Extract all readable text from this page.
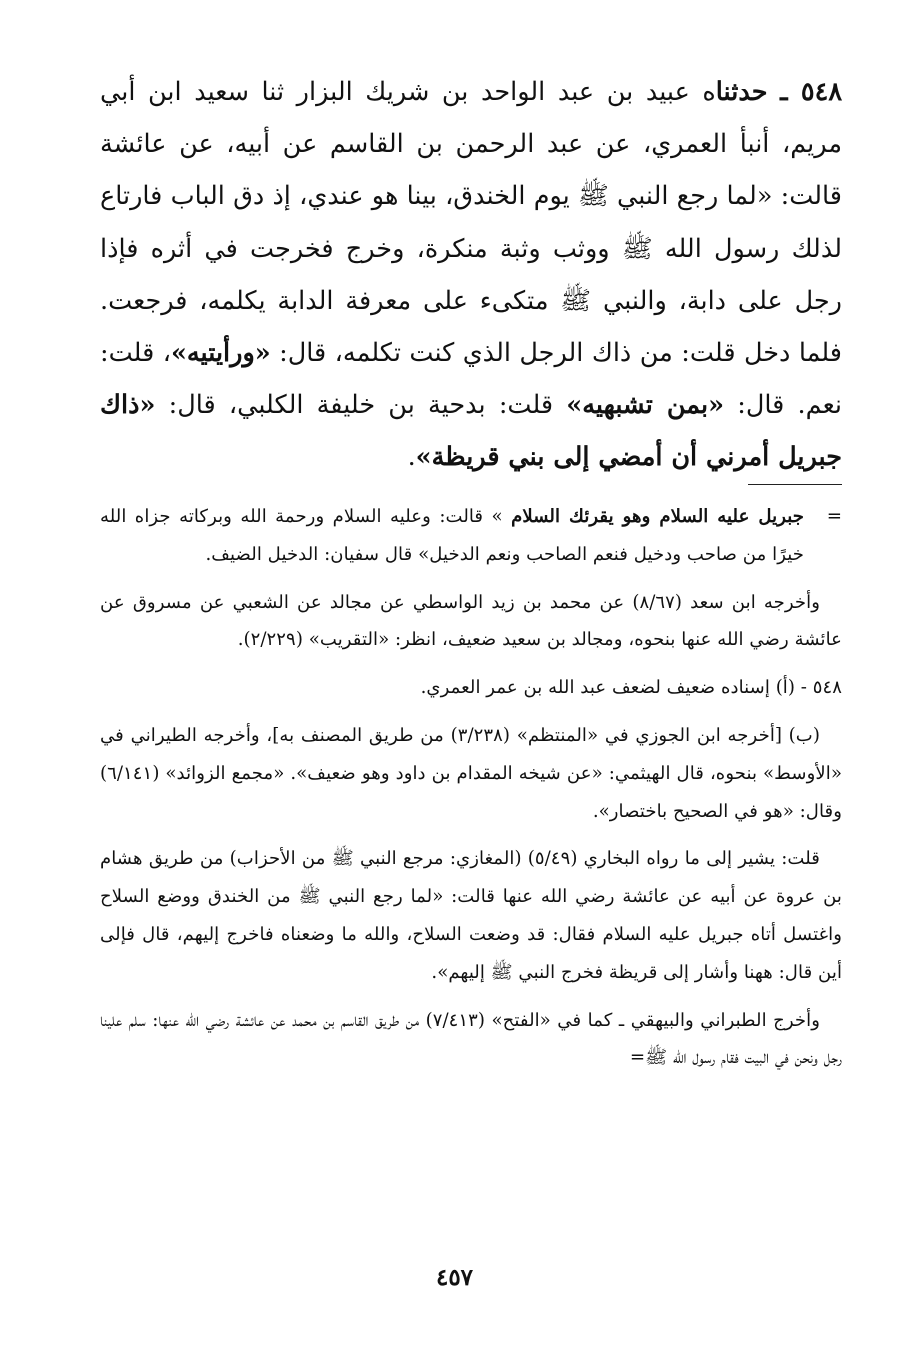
٥٤٨ ـ حدثناه عبيد بن عبد الواحد بن شريك البزار ثنا سعيد ابن أبي مريم، أنبأ العمري، عن عبد الرحمن بن القاسم عن أبيه، عن عائشة قالت: «لما رجع النبي ﷺ يوم الخندق، بينا هو عندي، إذ دق الباب فارتاع لذلك رسول الله ﷺ ووثب وثبة منكرة، وخرج فخرجت في أثره فإذا رجل على دابة، والنبي ﷺ متكىء على معرفة الدابة يكلمه، فرجعت. فلما دخل قلت: من ذاك الرجل الذي كنت تكلمه، قال: «ورأيتيه»، قلت: نعم. قال: «بمن تشبهيه» قلت: بدحية بن خليفة الكلبي، قال: «ذاك جبريل أمرني أن أمضي إلى بني قريظة».

=
جبريل عليه السلام وهو يقرئك السلام » قالت: وعليه السلام ورحمة الله وبركاته جزاه الله خيرًا من صاحب ودخيل فنعم الصاحب ونعم الدخيل» قال سفيان: الدخيل الضيف.

وأخرجه ابن سعد (٨/٦٧) عن محمد بن زيد الواسطي عن مجالد عن الشعبي عن مسروق عن عائشة رضي الله عنها بنحوه، ومجالد بن سعيد ضعيف، انظر: «التقريب» (٢/٢٢٩).

٥٤٨ - (أ) إسناده ضعيف لضعف عبد الله بن عمر العمري.

(ب) [أخرجه ابن الجوزي في «المنتظم» (٣/٢٣٨) من طريق المصنف به]، وأخرجه الطيراني في «الأوسط» بنحوه، قال الهيثمي: «عن شيخه المقدام بن داود وهو ضعيف». «مجمع الزوائد» (٦/١٤١) وقال: «هو في الصحيح باختصار».

قلت: يشير إلى ما رواه البخاري (٥/٤٩) (المغازي: مرجع النبي ﷺ من الأحزاب) من طريق هشام بن عروة عن أبيه عن عائشة رضي الله عنها قالت: «لما رجع النبي ﷺ من الخندق ووضع السلاح واغتسل أتاه جبريل عليه السلام فقال: قد وضعت السلاح، والله ما وضعناه فاخرج إليهم، قال فإلى أين قال: ههنا وأشار إلى قريظة فخرج النبي ﷺ إليهم».

وأخرج الطبراني والبيهقي ـ كما في «الفتح» (٧/٤١٣) من طريق القاسم بن محمد عن عائشة رضي الله عنها: سلم علينا رجل ونحن في البيت فقام رسول الله ﷺ=

٤٥٧
